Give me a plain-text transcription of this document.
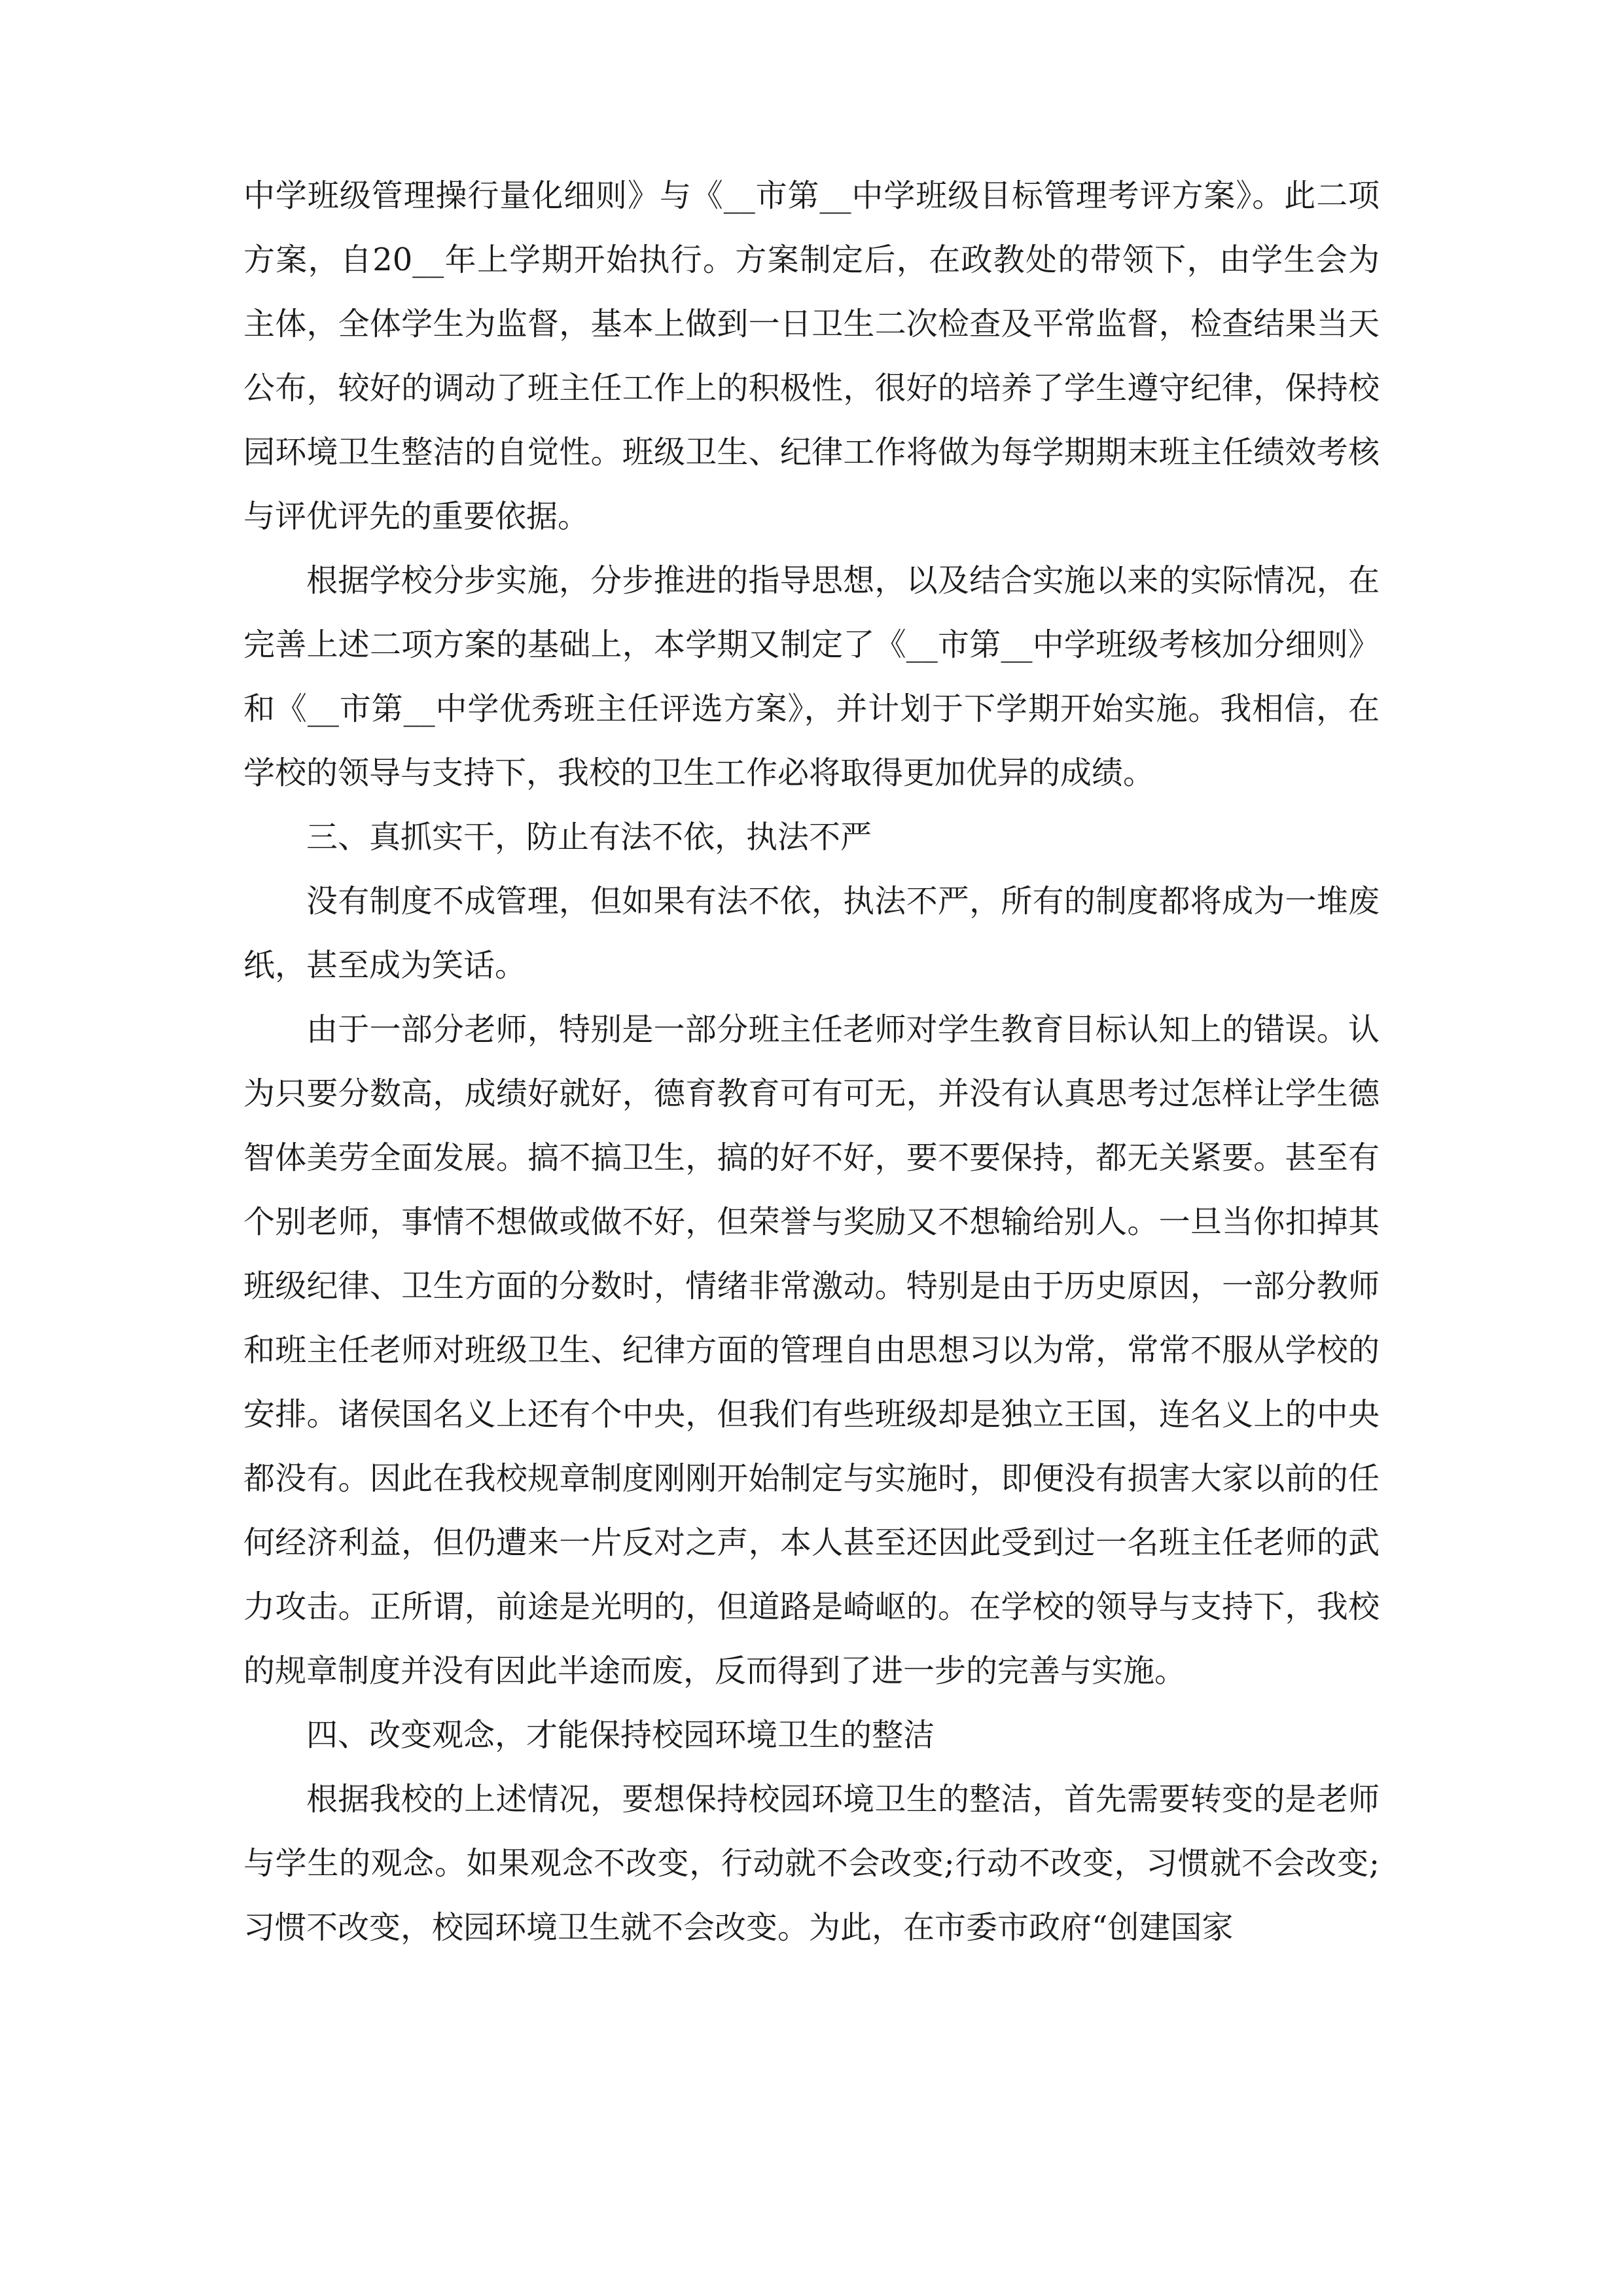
中学班级管理操行量化细则》与《__市第__中学班级目标管理考评方案》。此二项方案，自20__年上学期开始执行。方案制定后，在政教处的带领下，由学生会为主体，全体学生为监督，基本上做到一日卫生二次检查及平常监督，检查结果当天公布，较好的调动了班主任工作上的积极性，很好的培养了学生遵守纪律，保持校园环境卫生整洁的自觉性。班级卫生、纪律工作将做为每学期期末班主任绩效考核与评优评先的重要依据。

根据学校分步实施，分步推进的指导思想，以及结合实施以来的实际情况，在完善上述二项方案的基础上，本学期又制定了《__市第__中学班级考核加分细则》和《__市第__中学优秀班主任评选方案》，并计划于下学期开始实施。我相信，在学校的领导与支持下，我校的卫生工作必将取得更加优异的成绩。

三、真抓实干，防止有法不依，执法不严

没有制度不成管理，但如果有法不依，执法不严，所有的制度都将成为一堆废纸，甚至成为笑话。

由于一部分老师，特别是一部分班主任老师对学生教育目标认知上的错误。认为只要分数高，成绩好就好，德育教育可有可无，并没有认真思考过怎样让学生德智体美劳全面发展。搞不搞卫生，搞的好不好，要不要保持，都无关紧要。甚至有个别老师，事情不想做或做不好，但荣誉与奖励又不想输给别人。一旦当你扣掉其班级纪律、卫生方面的分数时，情绪非常激动。特别是由于历史原因，一部分教师和班主任老师对班级卫生、纪律方面的管理自由思想习以为常，常常不服从学校的安排。诸侯国名义上还有个中央，但我们有些班级却是独立王国，连名义上的中央都没有。因此在我校规章制度刚刚开始制定与实施时，即便没有损害大家以前的任何经济利益，但仍遭来一片反对之声，本人甚至还因此受到过一名班主任老师的武力攻击。正所谓，前途是光明的，但道路是崎岖的。在学校的领导与支持下，我校的规章制度并没有因此半途而废，反而得到了进一步的完善与实施。

四、改变观念，才能保持校园环境卫生的整洁

根据我校的上述情况，要想保持校园环境卫生的整洁，首先需要转变的是老师与学生的观念。如果观念不改变，行动就不会改变;行动不改变，习惯就不会改变;习惯不改变，校园环境卫生就不会改变。为此，在市委市政府“创建国家
